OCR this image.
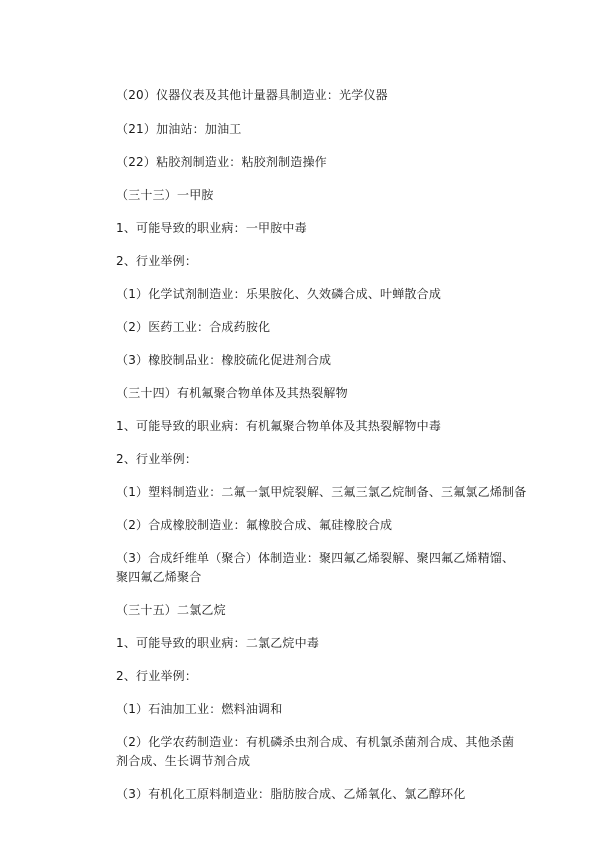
（20）仪器仪表及其他计量器具制造业：光学仪器
（21）加油站：加油工
（22）粘胶剂制造业：粘胶剂制造操作
（三十三）一甲胺
1、可能导致的职业病：一甲胺中毒
2、行业举例：
（1）化学试剂制造业：乐果胺化、久效磷合成、叶蝉散合成
（2）医药工业：合成药胺化
（3）橡胶制品业：橡胶硫化促进剂合成
（三十四）有机氟聚合物单体及其热裂解物
1、可能导致的职业病：有机氟聚合物单体及其热裂解物中毒
2、行业举例：
（1）塑料制造业：二氟一氯甲烷裂解、三氟三氯乙烷制备、三氟氯乙烯制备
（2）合成橡胶制造业：氟橡胶合成、氟硅橡胶合成
（3）合成纤维单（聚合）体制造业：聚四氟乙烯裂解、聚四氟乙烯精馏、聚四氟乙烯聚合
（三十五）二氯乙烷
1、可能导致的职业病：二氯乙烷中毒
2、行业举例：
（1）石油加工业：燃料油调和
（2）化学农药制造业：有机磷杀虫剂合成、有机氯杀菌剂合成、其他杀菌剂合成、生长调节剂合成
（3）有机化工原料制造业：脂肪胺合成、乙烯氧化、氯乙醇环化
